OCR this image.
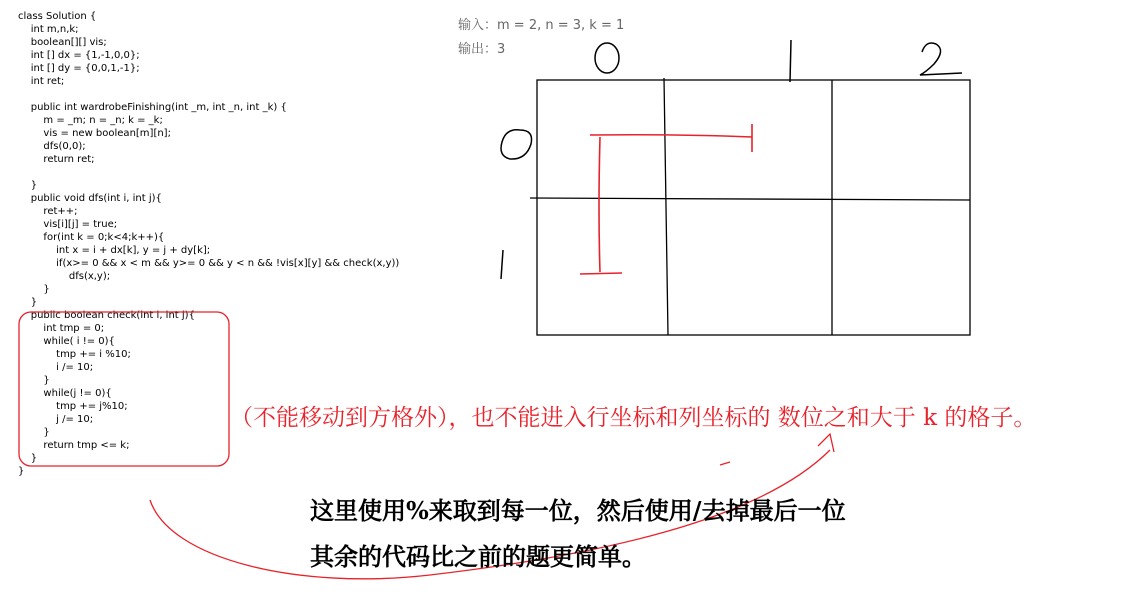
class Solution {
int m,n,k;
boolean[][] vis;
int [] dx = {1,-1,0,0};
int [] dy = {0,0,1,-1};
int ret;
public int wardrobeFinishing(int _m, int _n, int _k) {
m = _m; n = _n; k = _k;
vis = new boolean[m][n];
dfs(0,0);
return ret;
}
public void dfs(int i, int j){
ret++;
vis[i][j] = true;
for(int k = 0;k<4;k++){
int x = i + dx[k], y = j + dy[k];
if(x>= 0 && x < m && y>= 0 && y < n && !vis[x][y] && check(x,y))
dfs(x,y);
}
}
public boolean check(int i, int j){
int tmp = 0;
while( i != 0){
tmp += i %10;
i /= 10;
}
while(j != 0){
tmp += j%10;
j /= 10;
}
return tmp <= k;
}
}
输入：m = 2, n = 3, k = 1
输出：3
（不能移动到方格外），也不能进入行坐标和列坐标的 数位之和大于 k 的格子。
这里使用%来取到每一位，然后使用/去掉最后一位
其余的代码比之前的题更简单。
